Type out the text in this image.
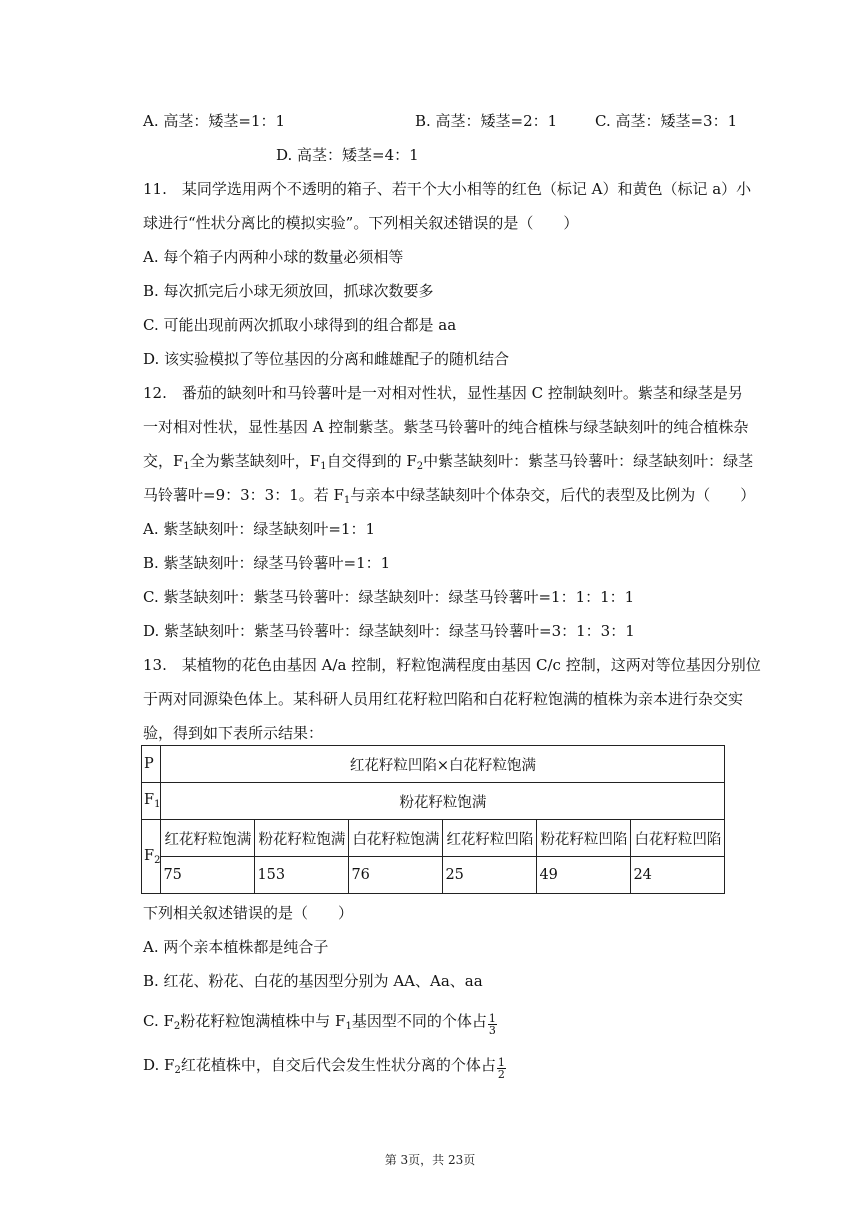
A. 高茎：矮茎=1：1	B. 高茎：矮茎=2：1	C. 高茎：矮茎=3：1
D. 高茎：矮茎=4：1
11.　某同学选用两个不透明的箱子、若干个大小相等的红色（标记 A）和黄色（标记 a）小
球进行“性状分离比的模拟实验”。下列相关叙述错误的是（　　）
A. 每个箱子内两种小球的数量必须相等
B. 每次抓完后小球无须放回，抓球次数要多
C. 可能出现前两次抓取小球得到的组合都是 aa
D. 该实验模拟了等位基因的分离和雌雄配子的随机结合
12.　番茄的缺刻叶和马铃薯叶是一对相对性状，显性基因 C 控制缺刻叶。紫茎和绿茎是另
一对相对性状，显性基因 A 控制紫茎。紫茎马铃薯叶的纯合植株与绿茎缺刻叶的纯合植株杂
交，$F_1$全为紫茎缺刻叶，$F_1$自交得到的 $F_2$中紫茎缺刻叶：紫茎马铃薯叶：绿茎缺刻叶：绿茎
马铃薯叶=9：3：3：1。若 $F_1$与亲本中绿茎缺刻叶个体杂交，后代的表型及比例为（　　）
A. 紫茎缺刻叶：绿茎缺刻叶=1：1
B. 紫茎缺刻叶：绿茎马铃薯叶=1：1
C. 紫茎缺刻叶：紫茎马铃薯叶：绿茎缺刻叶：绿茎马铃薯叶=1：1：1：1
D. 紫茎缺刻叶：紫茎马铃薯叶：绿茎缺刻叶：绿茎马铃薯叶=3：1：3：1
13.　某植物的花色由基因 A/a 控制，籽粒饱满程度由基因 C/c 控制，这两对等位基因分别位
于两对同源染色体上。某科研人员用红花籽粒凹陷和白花籽粒饱满的植株为亲本进行杂交实
验，得到如下表所示结果：
P	红花籽粒凹陷×白花籽粒饱满					
$F_1$	粉花籽粒饱满					
$F_2$	红花籽粒饱满	粉花籽粒饱满	白花籽粒饱满	红花籽粒凹陷	粉花籽粒凹陷	白花籽粒凹陷
	75	153	76	25	49	24
下列相关叙述错误的是（　　）
A. 两个亲本植株都是纯合子
B. 红花、粉花、白花的基因型分别为 AA、Aa、aa
C. $F_2$粉花籽粒饱满植株中与 $F_1$基因型不同的个体占 $\frac{1}{3}$
D. $F_2$红花植株中，自交后代会发生性状分离的个体占 $\frac{1}{2}$
第 3页，共 23页
